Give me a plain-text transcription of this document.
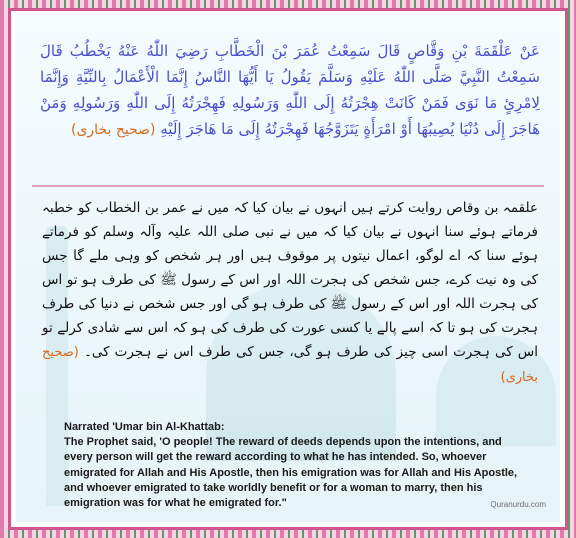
عَنْ عَلْقَمَةَ بْنِ وَقَّاصٍ قَالَ سَمِعْتُ عُمَرَ بْنَ الْخَطَّابِ رَضِيَ اللّٰهُ عَنْهُ يَخْطُبُ قَالَ سَمِعْتُ النَّبِيَّ صَلَّى اللّٰهُ عَلَيْهِ وَسَلَّمَ يَقُولُ يَا أَيُّهَا النَّاسُ إِنَّمَا الْأَعْمَالُ بِالنِّيَّةِ وَإِنَّمَا لِامْرِئٍ مَا نَوَى فَمَنْ كَانَتْ هِجْرَتُهُ إِلَى اللّٰهِ وَرَسُولِهِ فَهِجْرَتُهُ إِلَى اللّٰهِ وَرَسُولِهِ وَمَنْ هَاجَرَ إِلَى دُنْيَا يُصِيبُهَا أَوْ امْرَأَةٍ يَتَزَوَّجُهَا فَهِجْرَتُهُ إِلَى مَا هَاجَرَ إِلَيْهِ (صحیح بخاری)
علقمہ بن وقاص روایت کرتے ہیں انہوں نے بیان کیا کہ میں نے عمر بن الخطاب کو خطبہ فرماتے ہوئے سنا انہوں نے بیان کیا کہ میں نے نبی صلی اللہ علیہ وآلہ وسلم کو فرماتے ہوئے سنا کہ اے لوگو، اعمال نیتوں پر موقوف ہیں اور ہر شخص کو وہی ملے گا جس کی وہ نیت کرے، جس شخص کی ہجرت اللہ اور اس کے رسول ﷺ کی طرف ہو تو اس کی ہجرت اللہ اور اس کے رسول ﷺ کی طرف ہو گی اور جس شخص نے دنیا کی طرف ہجرت کی ہو تا کہ اسے پالے یا کسی عورت کی طرف کی ہو کہ اس سے شادی کرلے تو اس کی ہجرت اسی چیز کی طرف ہو گی، جس کی طرف اس نے ہجرت کی۔ (صحیح بخاری)
Narrated 'Umar bin Al-Khattab:
The Prophet said, 'O people! The reward of deeds depends upon the intentions, and
every person will get the reward according to what he has intended. So, whoever
emigrated for Allah and His Apostle, then his emigration was for Allah and His Apostle,
and whoever emigrated to take worldly benefit or for a woman to marry, then his
emigration was for what he emigrated for."	Quranurdu.com
